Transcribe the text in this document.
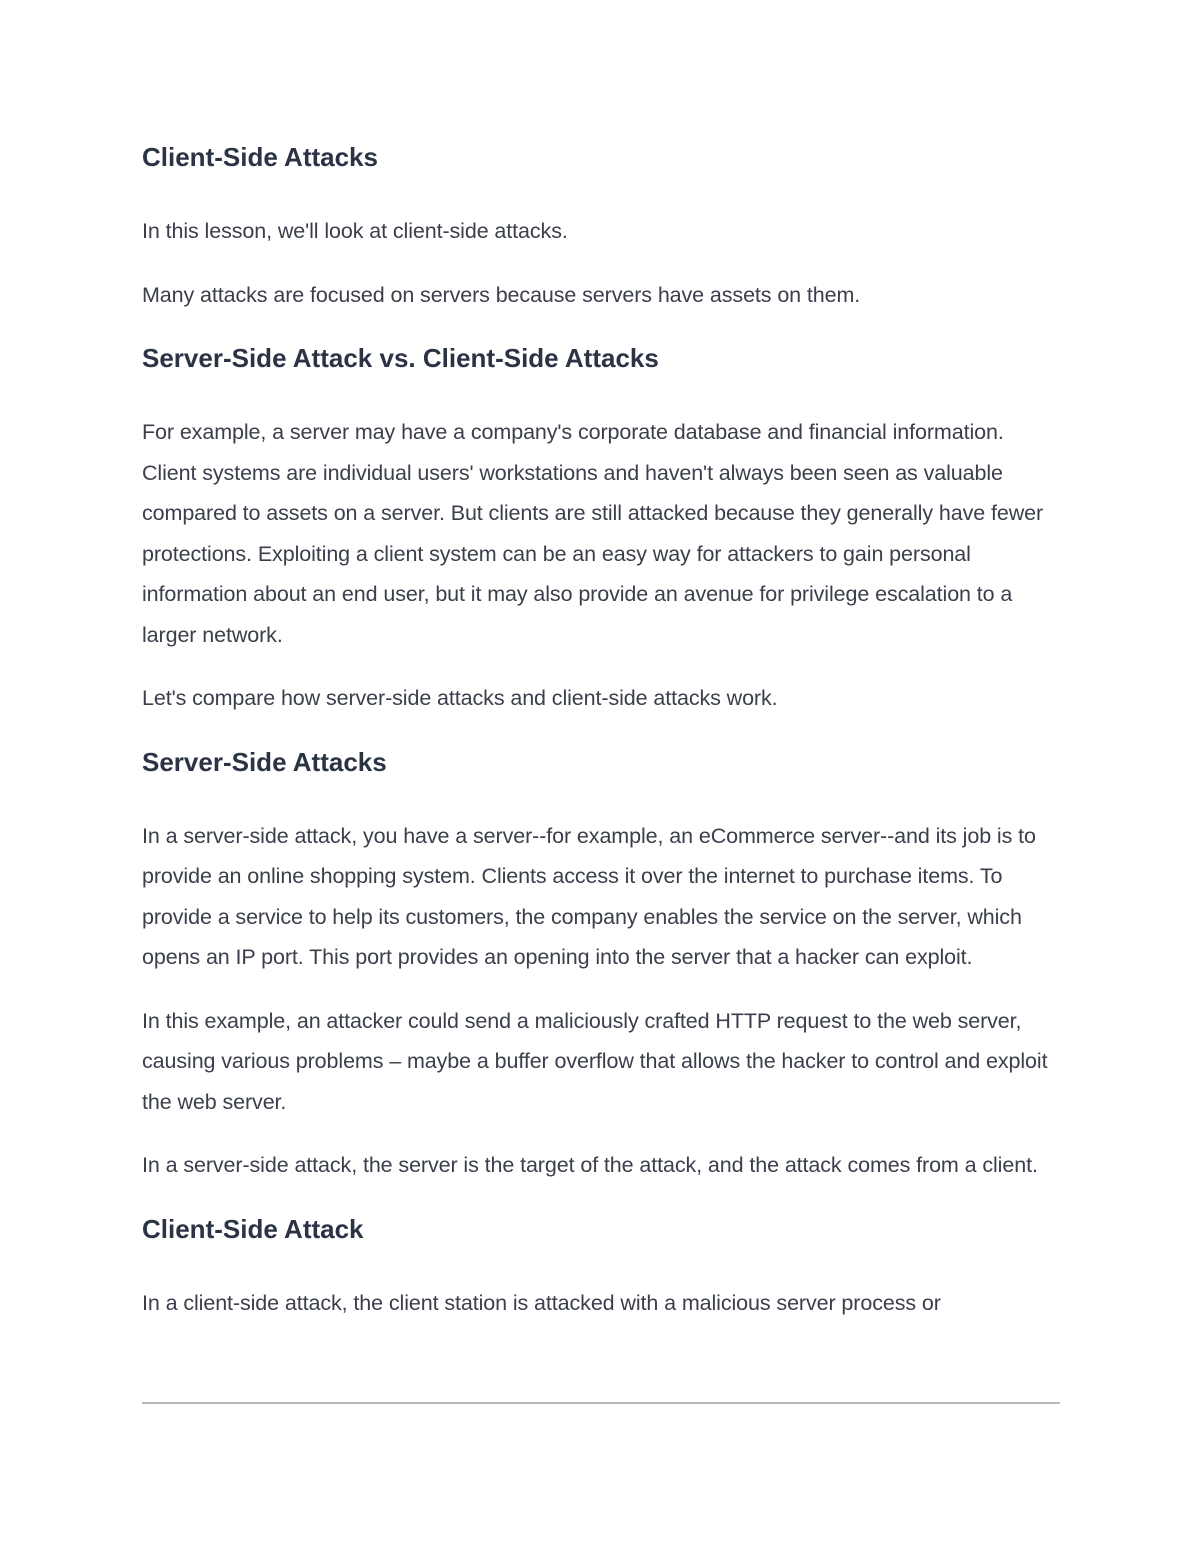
Client-Side Attacks

In this lesson, we'll look at client-side attacks.

Many attacks are focused on servers because servers have assets on them.

Server-Side Attack vs. Client-Side Attacks

For example, a server may have a company's corporate database and financial information. Client systems are individual users' workstations and haven't always been seen as valuable compared to assets on a server. But clients are still attacked because they generally have fewer protections. Exploiting a client system can be an easy way for attackers to gain personal information about an end user, but it may also provide an avenue for privilege escalation to a larger network.

Let's compare how server-side attacks and client-side attacks work.

Server-Side Attacks

In a server-side attack, you have a server--for example, an eCommerce server--and its job is to provide an online shopping system. Clients access it over the internet to purchase items. To provide a service to help its customers, the company enables the service on the server, which opens an IP port. This port provides an opening into the server that a hacker can exploit.

In this example, an attacker could send a maliciously crafted HTTP request to the web server, causing various problems – maybe a buffer overflow that allows the hacker to control and exploit the web server.

In a server-side attack, the server is the target of the attack, and the attack comes from a client.

Client-Side Attack

In a client-side attack, the client station is attacked with a malicious server process or
